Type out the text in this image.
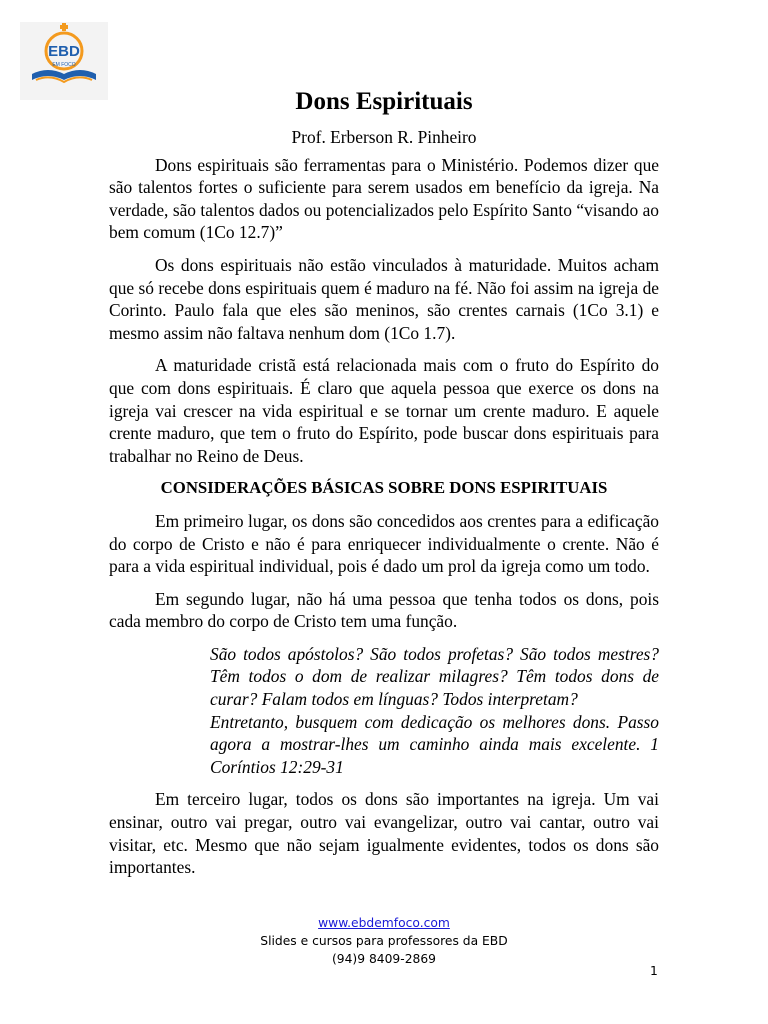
EBD
EM FOCO
Dons Espirituais
Prof. Erberson R. Pinheiro

Dons espirituais são ferramentas para o Ministério. Podemos dizer que são talentos fortes o suficiente para serem usados em benefício da igreja. Na verdade, são talentos dados ou potencializados pelo Espírito Santo “visando ao bem comum (1Co 12.7)”

Os dons espirituais não estão vinculados à maturidade. Muitos acham que só recebe dons espirituais quem é maduro na fé. Não foi assim na igreja de Corinto. Paulo fala que eles são meninos, são crentes carnais (1Co 3.1) e mesmo assim não faltava nenhum dom (1Co 1.7).

A maturidade cristã está relacionada mais com o fruto do Espírito do que com dons espirituais. É claro que aquela pessoa que exerce os dons na igreja vai crescer na vida espiritual e se tornar um crente maduro. E aquele crente maduro, que tem o fruto do Espírito, pode buscar dons espirituais para trabalhar no Reino de Deus.

CONSIDERAÇÕES BÁSICAS SOBRE DONS ESPIRITUAIS

Em primeiro lugar, os dons são concedidos aos crentes para a edificação do corpo de Cristo e não é para enriquecer individualmente o crente. Não é para a vida espiritual individual, pois é dado um prol da igreja como um todo.

Em segundo lugar, não há uma pessoa que tenha todos os dons, pois cada membro do corpo de Cristo tem uma função.

São todos apóstolos? São todos profetas? São todos mestres? Têm todos o dom de realizar milagres? Têm todos dons de curar? Falam todos em línguas? Todos interpretam?
Entretanto, busquem com dedicação os melhores dons. Passo agora a mostrar-lhes um caminho ainda mais excelente. 1 Coríntios 12:29-31

Em terceiro lugar, todos os dons são importantes na igreja. Um vai ensinar, outro vai pregar, outro vai evangelizar, outro vai cantar, outro vai visitar, etc. Mesmo que não sejam igualmente evidentes, todos os dons são importantes.

www.ebdemfoco.com
Slides e cursos para professores da EBD
(94)9 8409-2869
1
